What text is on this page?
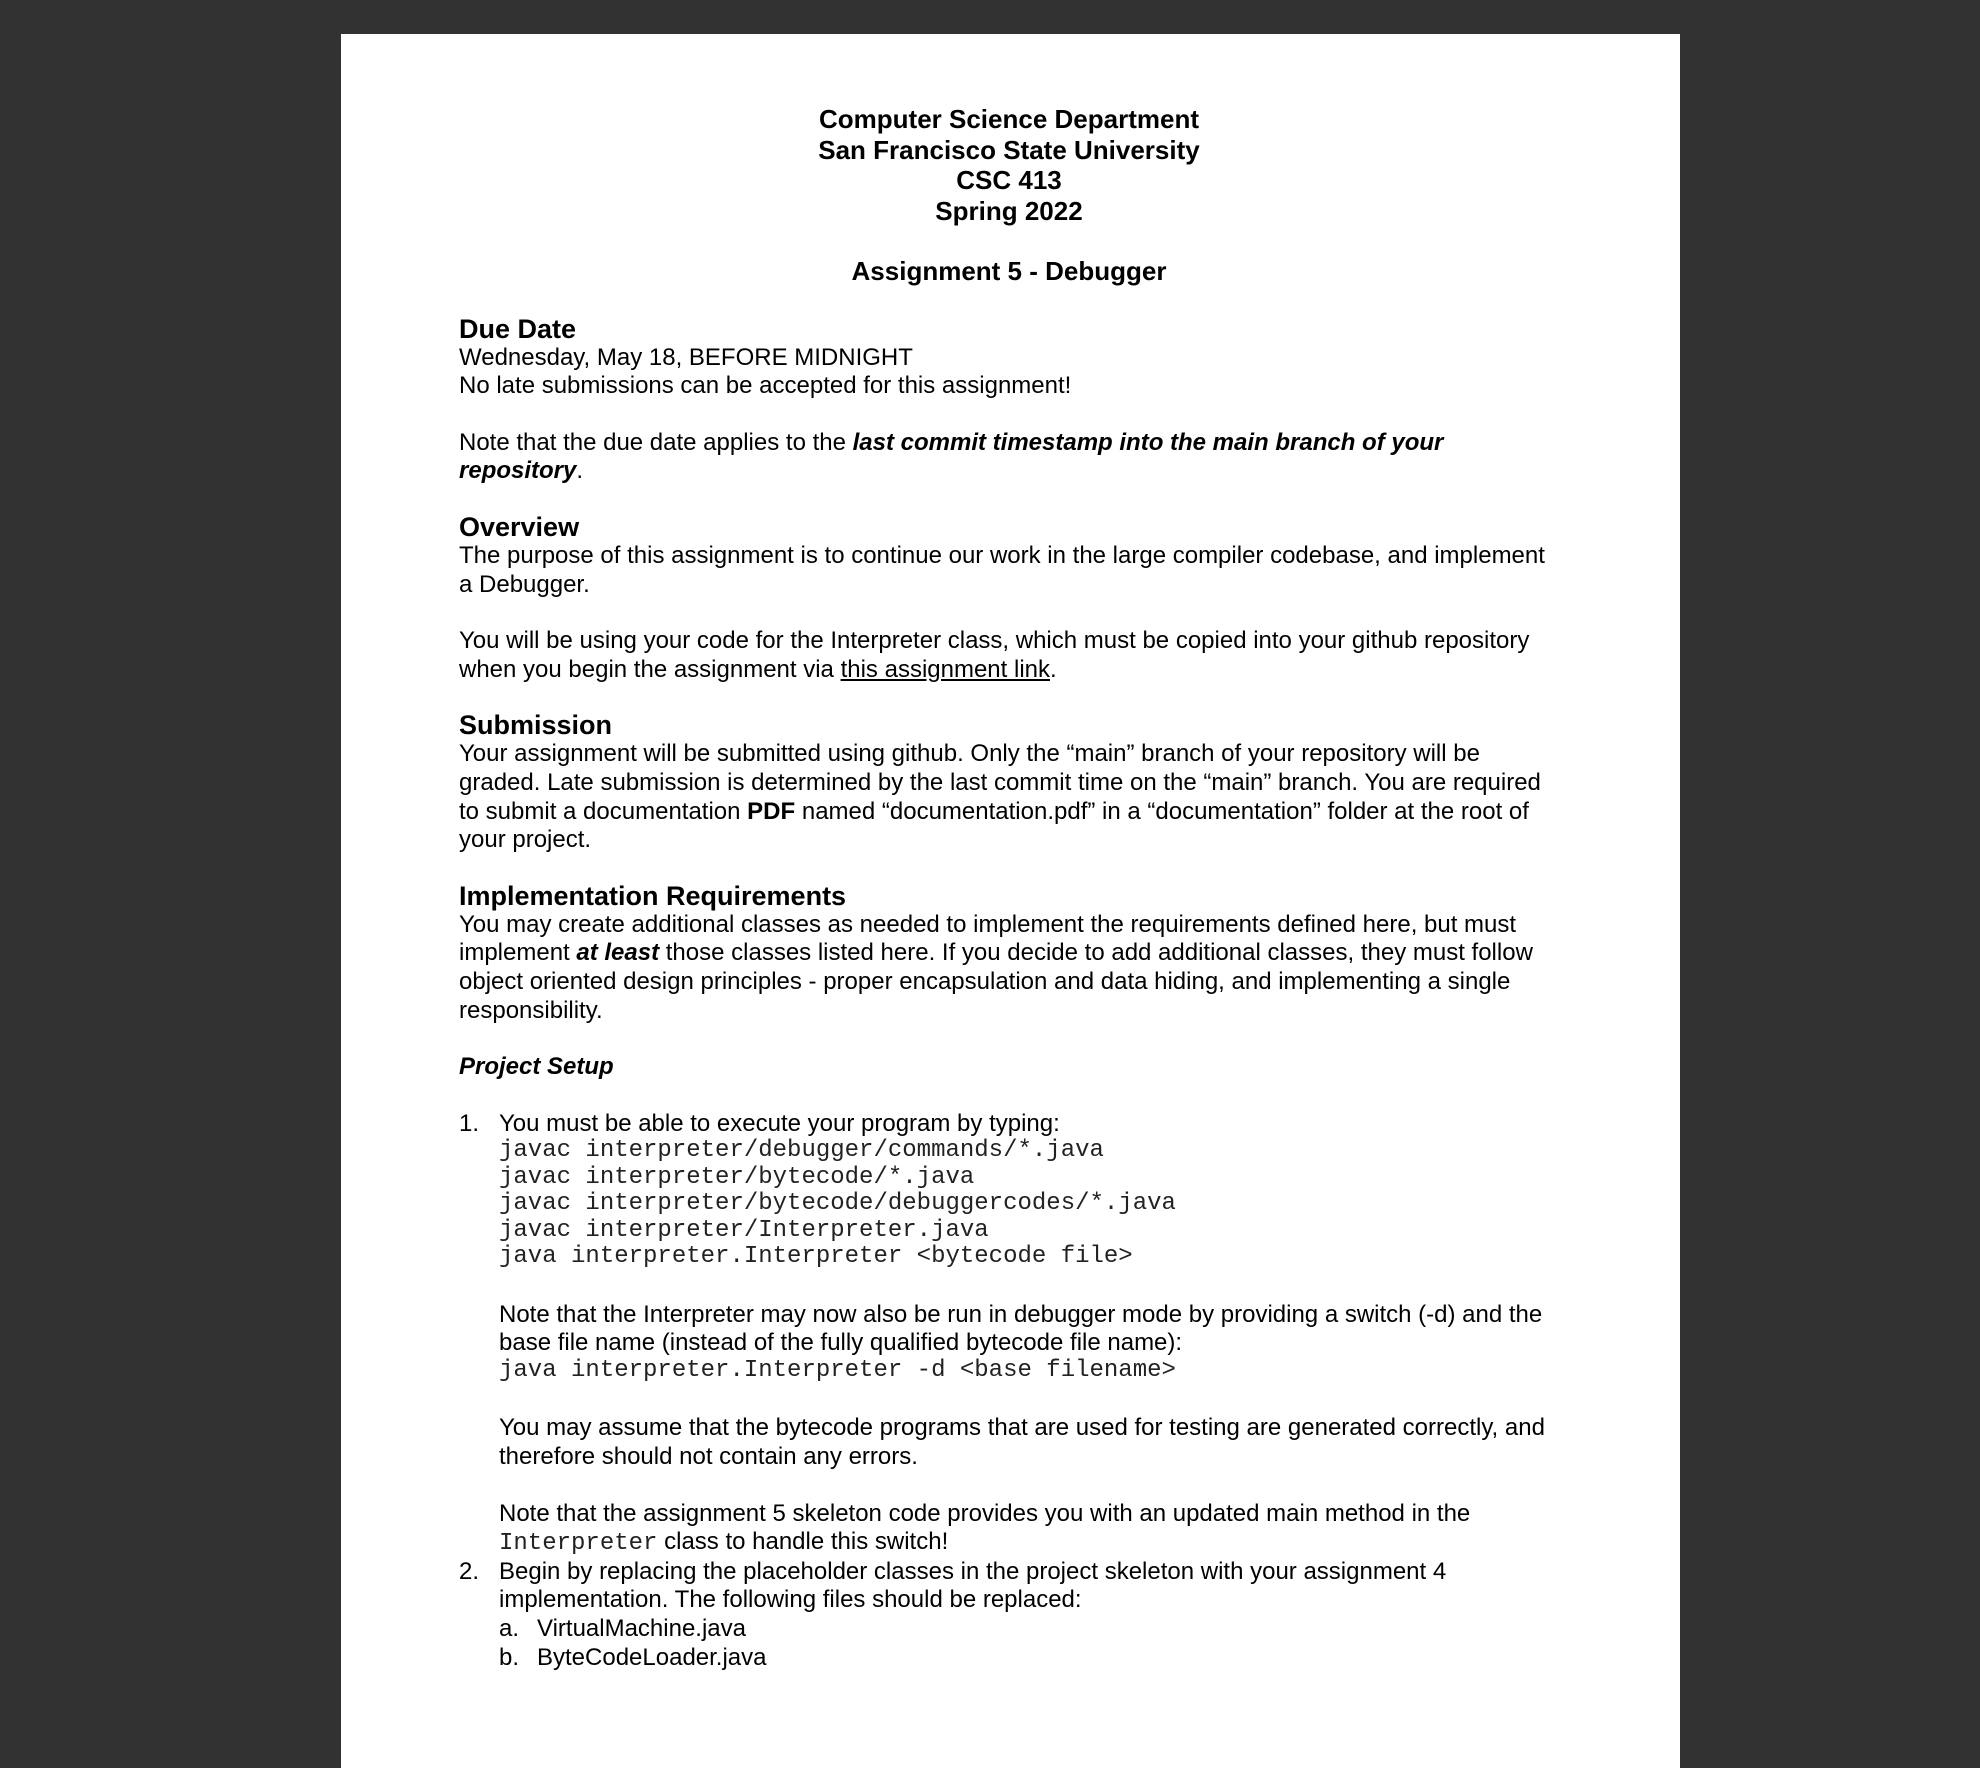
Computer Science Department
San Francisco State University
CSC 413
Spring 2022
Assignment 5 - Debugger
Due Date

Wednesday, May 18, BEFORE MIDNIGHT

No late submissions can be accepted for this assignment!

Note that the due date applies to the last commit timestamp into the main branch of your repository.

Overview

The purpose of this assignment is to continue our work in the large compiler codebase, and implement a Debugger.

You will be using your code for the Interpreter class, which must be copied into your github repository when you begin the assignment via this assignment link.

Submission

Your assignment will be submitted using github. Only the “main” branch of your repository will be graded. Late submission is determined by the last commit time on the “main” branch. You are required to submit a documentation PDF named “documentation.pdf” in a “documentation” folder at the root of your project.

Implementation Requirements

You may create additional classes as needed to implement the requirements defined here, but must implement at least those classes listed here. If you decide to add additional classes, they must follow object oriented design principles - proper encapsulation and data hiding, and implementing a single responsibility.

Project Setup

1. You must be able to execute your program by typing:
javac interpreter/debugger/commands/*.java
javac interpreter/bytecode/*.java
javac interpreter/bytecode/debuggercodes/*.java
javac interpreter/Interpreter.java
java interpreter.Interpreter <bytecode file>
Note that the Interpreter may now also be run in debugger mode by providing a switch (-d) and the base file name (instead of the fully qualified bytecode file name):
java interpreter.Interpreter -d <base filename>
You may assume that the bytecode programs that are used for testing are generated correctly, and therefore should not contain any errors.
Note that the assignment 5 skeleton code provides you with an updated main method in the
Interpreter class to handle this switch!
2. Begin by replacing the placeholder classes in the project skeleton with your assignment 4 implementation. The following files should be replaced:
a. VirtualMachine.java
b. ByteCodeLoader.java
